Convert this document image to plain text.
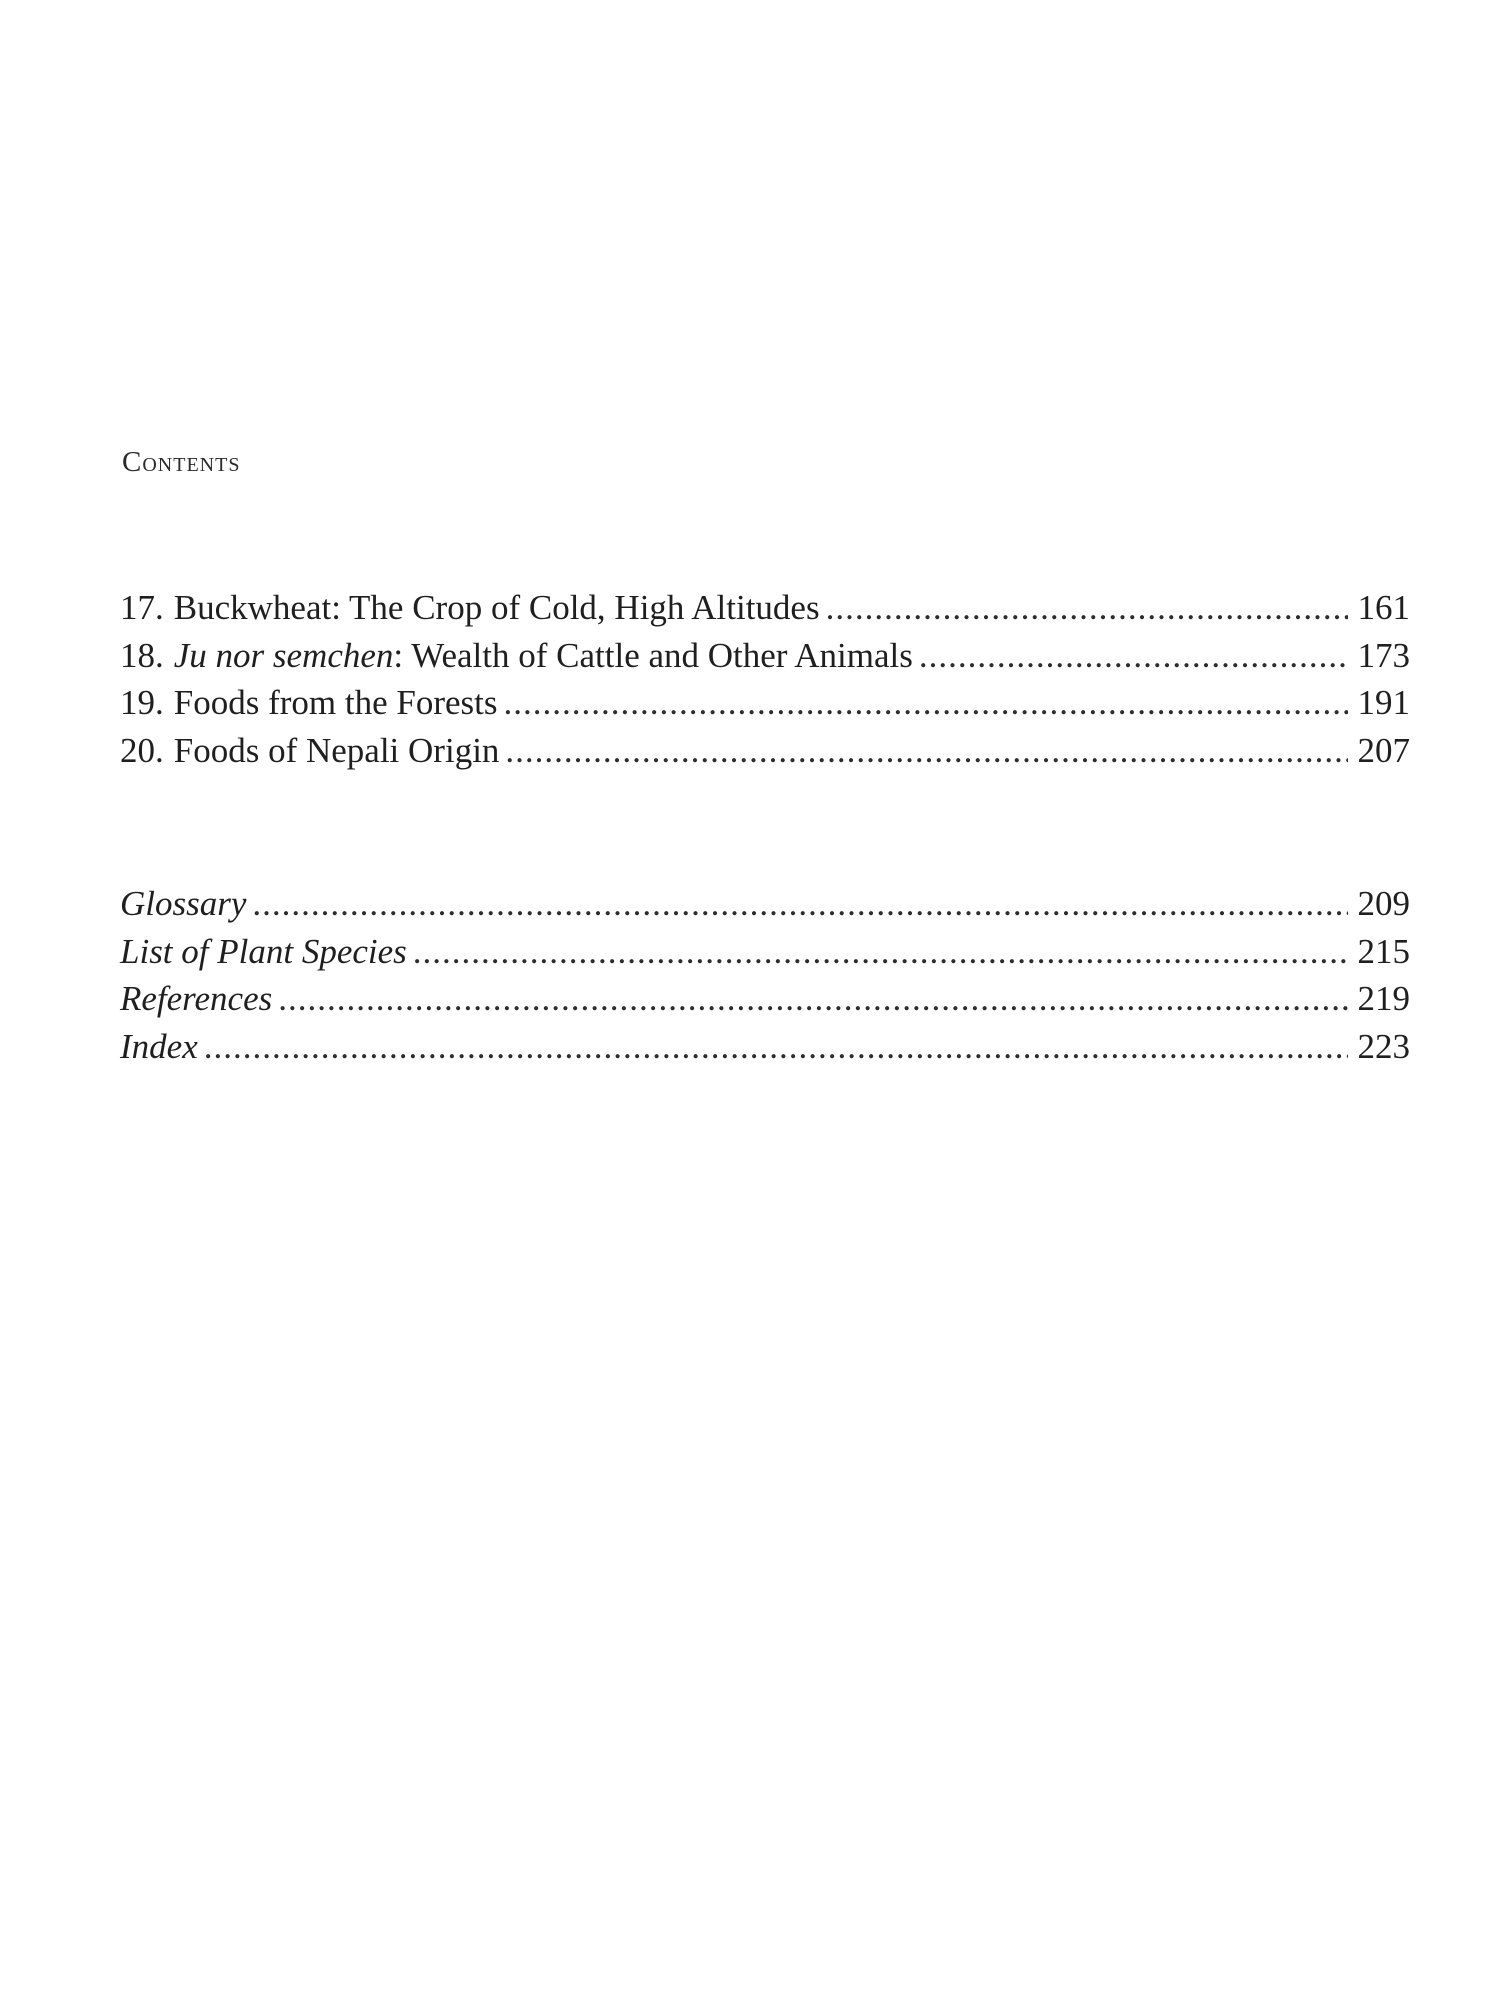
Contents
17. Buckwheat: The Crop of Cold, High Altitudes .....	161
18. Ju nor semchen: Wealth of Cattle and Other Animals .....	173
19. Foods from the Forests .....	191
20. Foods of Nepali Origin .....	207
Glossary .....	209
List of Plant Species .....	215
References .....	219
Index .....	223
